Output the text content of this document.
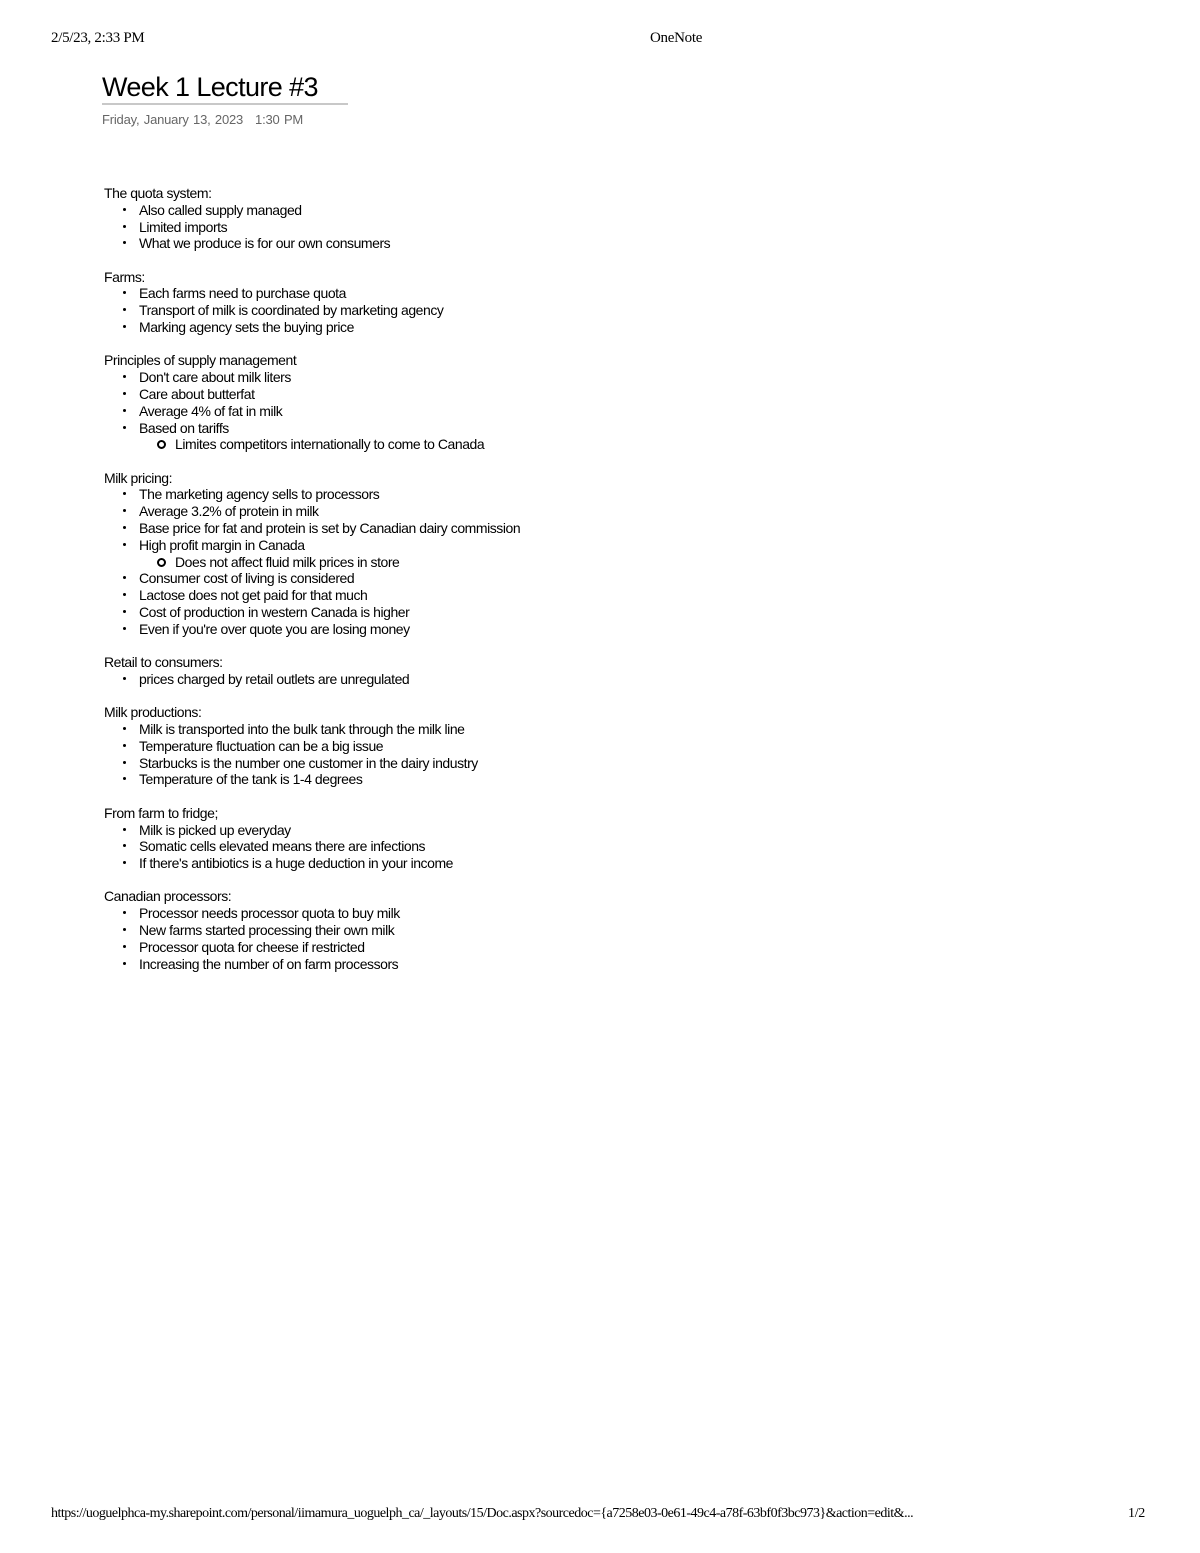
2/5/23, 2:33 PM	OneNote
Week 1 Lecture #3
Friday, January 13, 2023 1:30 PM
The quota system:
Also called supply managed
Limited imports
What we produce is for our own consumers
Farms:
Each farms need to purchase quota
Transport of milk is coordinated by marketing agency
Marking agency sets the buying price
Principles of supply management
Don't care about milk liters
Care about butterfat
Average 4% of fat in milk
Based on tariffs
Limites competitors internationally to come to Canada
Milk pricing:
The marketing agency sells to processors
Average 3.2% of protein in milk
Base price for fat and protein is set by Canadian dairy commission
High profit margin in Canada
Does not affect fluid milk prices in store
Consumer cost of living is considered
Lactose does not get paid for that much
Cost of production in western Canada is higher
Even if you're over quote you are losing money
Retail to consumers:
prices charged by retail outlets are unregulated
Milk productions:
Milk is transported into the bulk tank through the milk line
Temperature fluctuation can be a big issue
Starbucks is the number one customer in the dairy industry
Temperature of the tank is 1-4 degrees
From farm to fridge;
Milk is picked up everyday
Somatic cells elevated means there are infections
If there's antibiotics is a huge deduction in your income
Canadian processors:
Processor needs processor quota to buy milk
New farms started processing their own milk
Processor quota for cheese if restricted
Increasing the number of on farm processors
https://uoguelphca-my.sharepoint.com/personal/iimamura_uoguelph_ca/_layouts/15/Doc.aspx?sourcedoc={a7258e03-0e61-49c4-a78f-63bf0f3bc973}&action=edit&...	1/2
